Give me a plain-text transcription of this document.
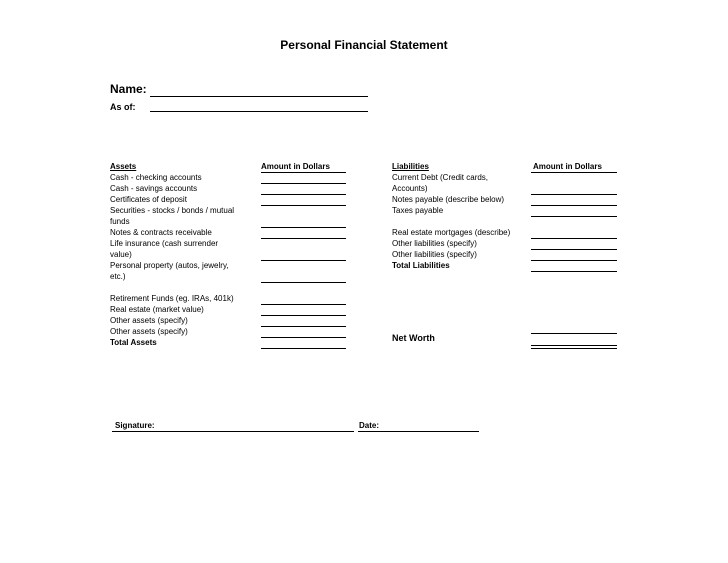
Personal Financial Statement
Name:
As of:
Assets	Amount in Dollars
Cash - checking accounts
Cash - savings accounts
Certificates of deposit
Securities - stocks / bonds / mutual
funds
Notes & contracts receivable
Life insurance (cash surrender
value)
Personal property (autos, jewelry,
etc.)
Retirement Funds (eg. IRAs, 401k)
Real estate (market value)
Other assets (specify)
Other assets (specify)
Total Assets
Liabilities	Amount in Dollars
Current Debt (Credit cards,
Accounts)
Notes payable (describe below)
Taxes payable
Real estate mortgages (describe)
Other liabilities (specify)
Other liabilities (specify)
Total Liabilities
Net Worth
Signature:	Date:
